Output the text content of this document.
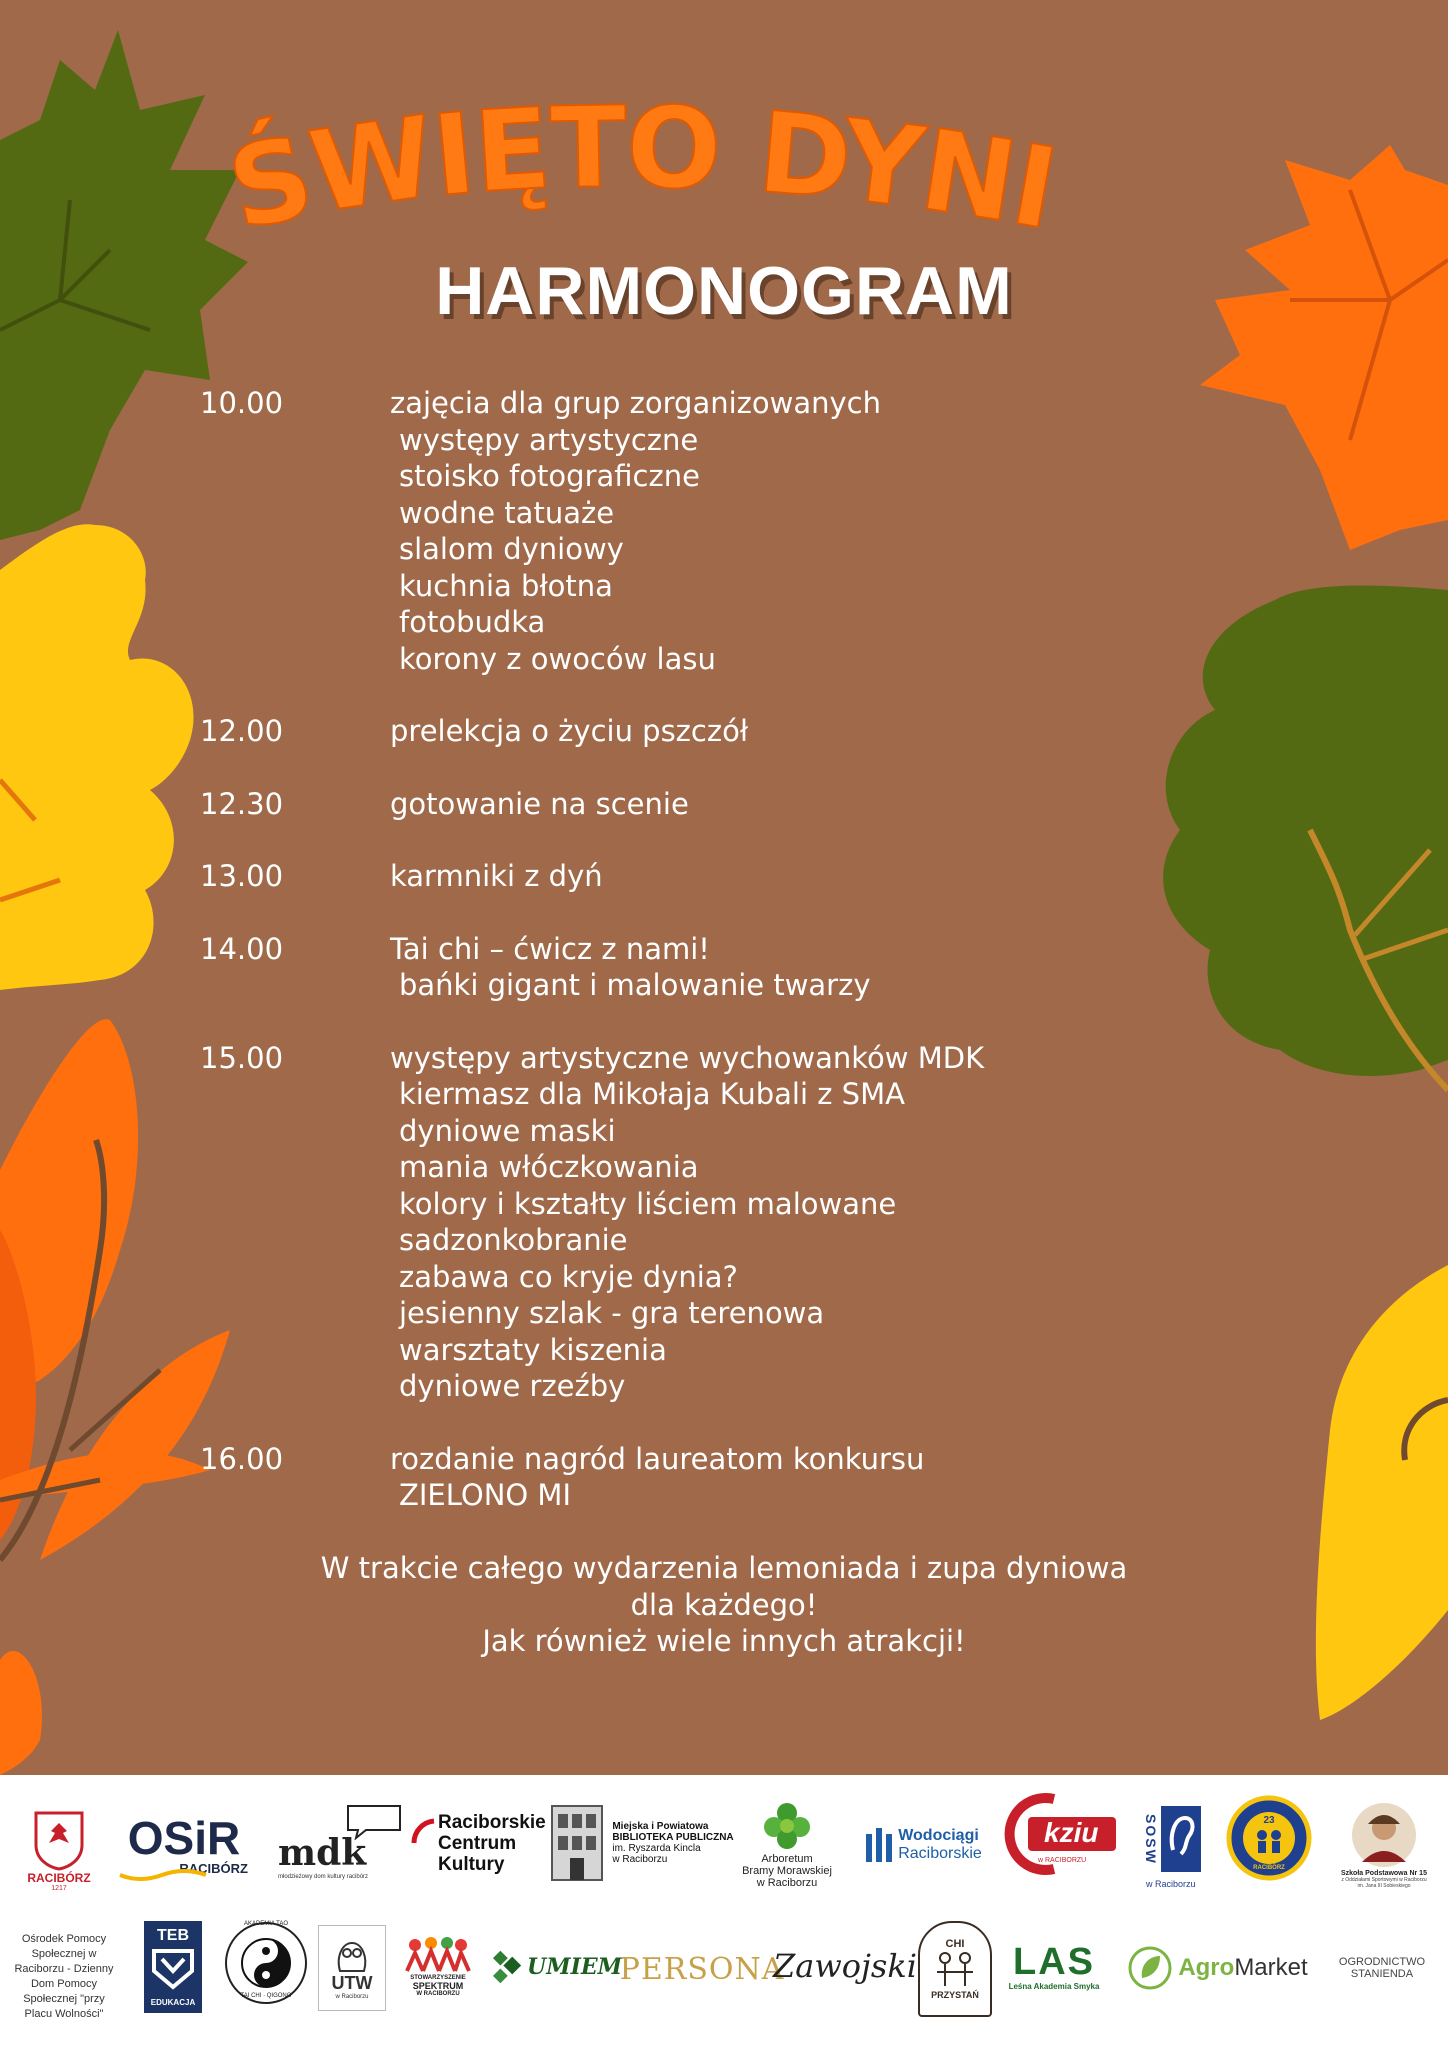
ŚWIĘTO DYNI
HARMONOGRAM
10.00	zajęcia dla grup zorganizowanych
występy artystyczne
stoisko fotograficzne
wodne tatuaże
slalom dyniowy
kuchnia błotna
fotobudka
korony z owoców lasu
12.00	prelekcja o życiu pszczół
12.30	gotowanie na scenie
13.00	karmniki z dyń
14.00	Tai chi – ćwicz z nami!
bańki gigant i malowanie twarzy
15.00	występy artystyczne wychowanków MDK
kiermasz dla Mikołaja Kubali z SMA
dyniowe maski
mania włóczkowania
kolory i kształty liściem malowane
sadzonkobranie
zabawa co kryje dynia?
jesienny szlak - gra terenowa
warsztaty kiszenia
dyniowe rzeźby
16.00	rozdanie nagród laureatom konkursu
ZIELONO MI
W trakcie całego wydarzenia lemoniada i zupa dyniowa
dla każdego!
Jak również wiele innych atrakcji!
RACIBÓRZ
1217
OSiR
RACIBÓRZ mdk
młodzieżowy dom kultury racibórz
Raciborskie
Centrum
Kultury
Miejska i Powiatowa
BIBLIOTEKA PUBLICZNA
im. Ryszarda Kincla
w Raciborzu	Arboretum
Bramy Morawskiej
w Raciborzu
Wodociągi
Raciborskie
kziu
w RACIBORZU	SOSW
w Raciborzu
23
RACIBÓRZ
Szkoła Podstawowa Nr 15
z Oddziałami Sportowymi w Raciborzu
im. Jana III Sobieskiego
Ośrodek Pomocy Społecznej w Raciborzu - Dzienny Dom Pomocy Społecznej "przy Placu Wolności"
TEB
EDUKACJA
AKADEMIA TAO
TAI CHI · QIGONG
UTW
w Raciborzu
STOWARZYSZENIE
SPEKTRUM
W RACIBORZU
UMIEM
PERSONA
Zawojski
CHI
PRZYSTAŃ
LAS
Leśna Akademia Smyka
Agro Market	OGRODNICTWO
STANIENDA
